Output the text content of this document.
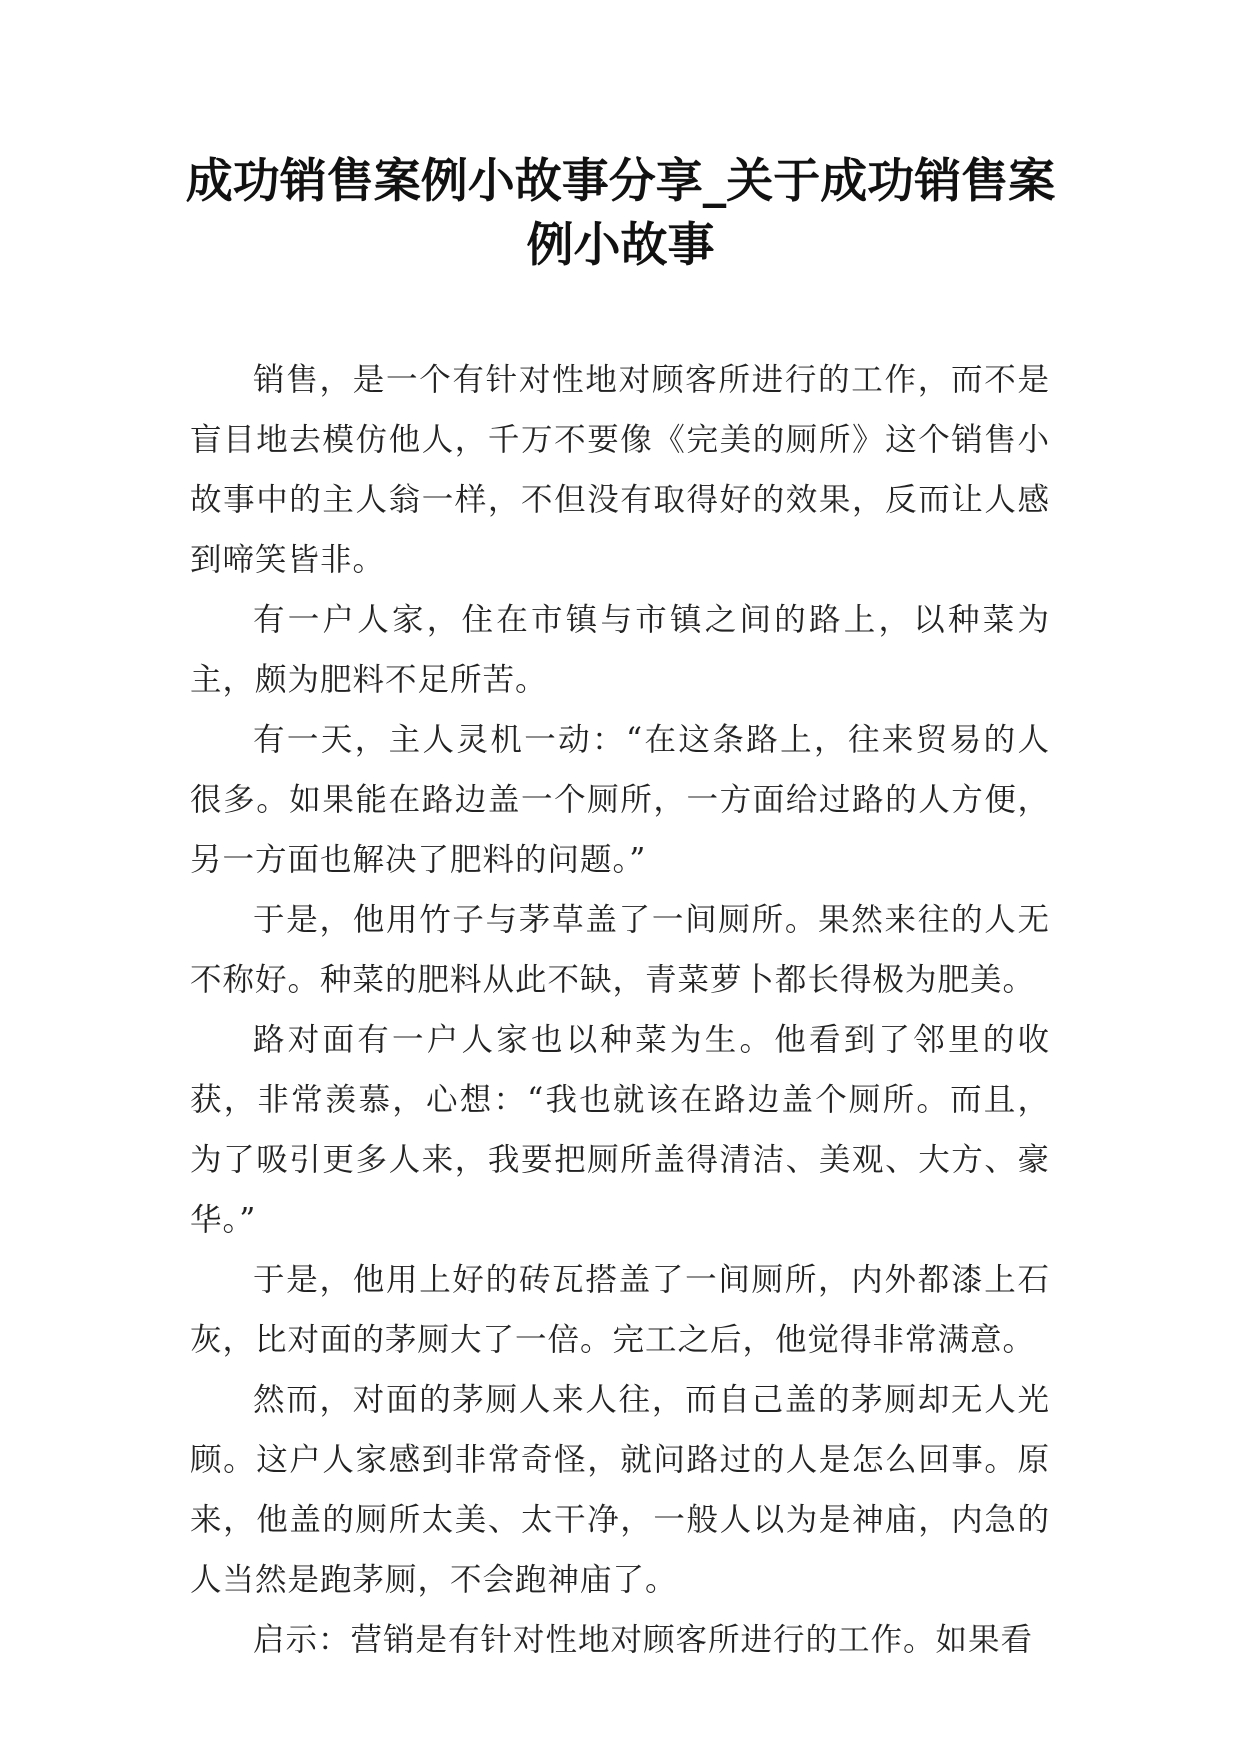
成功销售案例小故事分享_关于成功销售案
例小故事

销售，是一个有针对性地对顾客所进行的工作，而不是盲目地去模仿他人，千万不要像《完美的厕所》这个销售小故事中的主人翁一样，不但没有取得好的效果，反而让人感到啼笑皆非。

有一户人家，住在市镇与市镇之间的路上，以种菜为主，颇为肥料不足所苦。

有一天，主人灵机一动：“在这条路上，往来贸易的人很多。如果能在路边盖一个厕所，一方面给过路的人方便，另一方面也解决了肥料的问题。”

于是，他用竹子与茅草盖了一间厕所。果然来往的人无不称好。种菜的肥料从此不缺，青菜萝卜都长得极为肥美。

路对面有一户人家也以种菜为生。他看到了邻里的收获，非常羡慕，心想：“我也就该在路边盖个厕所。而且，为了吸引更多人来，我要把厕所盖得清洁、美观、大方、豪华。”

于是，他用上好的砖瓦搭盖了一间厕所，内外都漆上石灰，比对面的茅厕大了一倍。完工之后，他觉得非常满意。

然而，对面的茅厕人来人往，而自己盖的茅厕却无人光顾。这户人家感到非常奇怪，就问路过的人是怎么回事。原来，他盖的厕所太美、太干净，一般人以为是神庙，内急的人当然是跑茅厕，不会跑神庙了。

启示：营销是有针对性地对顾客所进行的工作。如果看
